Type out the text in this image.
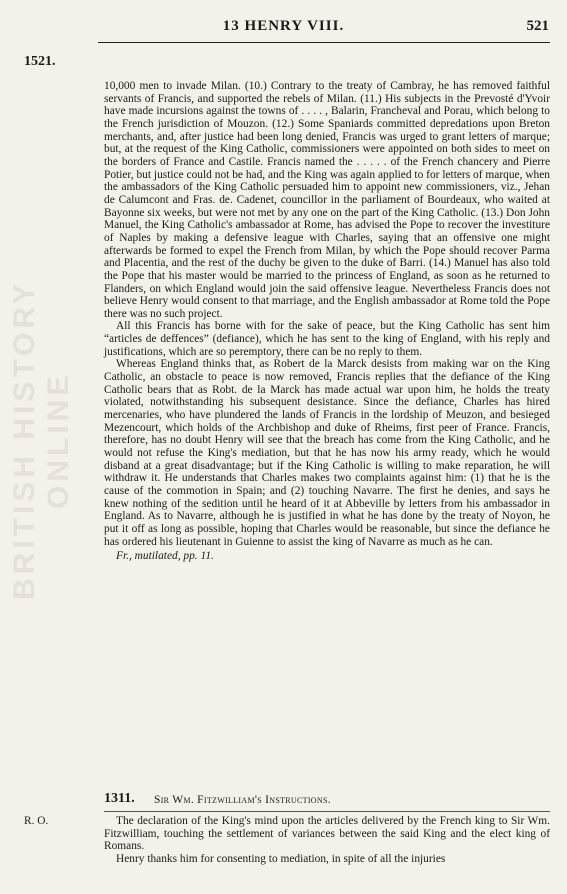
BRITISH HISTORY ONLINE
13 HENRY VIII.	521
1521.

10,000 men to invade Milan. (10.) Contrary to the treaty of Cambray, he has removed faithful servants of Francis, and supported the rebels of Milan. (11.) His subjects in the Prevosté d'Yvoir have made incursions against the towns of . . . . , Balarin, Francheval and Porau, which belong to the French jurisdiction of Mouzon. (12.) Some Spaniards committed depredations upon Breton merchants, and, after justice had been long denied, Francis was urged to grant letters of marque; but, at the request of the King Catholic, commissioners were appointed on both sides to meet on the borders of France and Castile. Francis named the . . . . . of the French chancery and Pierre Potier, but justice could not be had, and the King was again applied to for letters of marque, when the ambassadors of the King Catholic persuaded him to appoint new commissioners, viz., Jehan de Calumcont and Fras. de. Cadenet, councillor in the parliament of Bourdeaux, who waited at Bayonne six weeks, but were not met by any one on the part of the King Catholic. (13.) Don John Manuel, the King Catholic's ambassador at Rome, has advised the Pope to recover the investiture of Naples by making a defensive league with Charles, saying that an offensive one might afterwards be formed to expel the French from Milan, by which the Pope should recover Parma and Placentia, and the rest of the duchy be given to the duke of Barri. (14.) Manuel has also told the Pope that his master would be married to the princess of England, as soon as he returned to Flanders, on which England would join the said offensive league. Nevertheless Francis does not believe Henry would consent to that marriage, and the English ambassador at Rome told the Pope there was no such project.

All this Francis has borne with for the sake of peace, but the King Catholic has sent him “articles de deffences” (defiance), which he has sent to the king of England, with his reply and justifications, which are so peremptory, there can be no reply to them.

Whereas England thinks that, as Robert de la Marck desists from making war on the King Catholic, an obstacle to peace is now removed, Francis replies that the defiance of the King Catholic bears that as Robt. de la Marck has made actual war upon him, he holds the treaty violated, notwithstanding his subsequent desistance. Since the defiance, Charles has hired mercenaries, who have plundered the lands of Francis in the lordship of Meuzon, and besieged Mezencourt, which holds of the Archbishop and duke of Rheims, first peer of France. Francis, therefore, has no doubt Henry will see that the breach has come from the King Catholic, and he would not refuse the King's mediation, but that he has now his army ready, which he would disband at a great disadvantage; but if the King Catholic is willing to make reparation, he will withdraw it. He understands that Charles makes two complaints against him: (1) that he is the cause of the commotion in Spain; and (2) touching Navarre. The first he denies, and says he knew nothing of the sedition until he heard of it at Abbeville by letters from his ambassador in England. As to Navarre, although he is justified in what he has done by the treaty of Noyon, he put it off as long as possible, hoping that Charles would be reasonable, but since the defiance he has ordered his lieutenant in Guienne to assist the king of Navarre as much as he can.

Fr., mutilated, pp. 11.

1311. Sir Wm. Fitzwilliam's Instructions.
R. O.	The declaration of the King's mind upon the articles delivered by the French king to Sir Wm. Fitzwilliam, touching the settlement of variances between the said King and the elect king of Romans.

Henry thanks him for consenting to mediation, in spite of all the injuries
